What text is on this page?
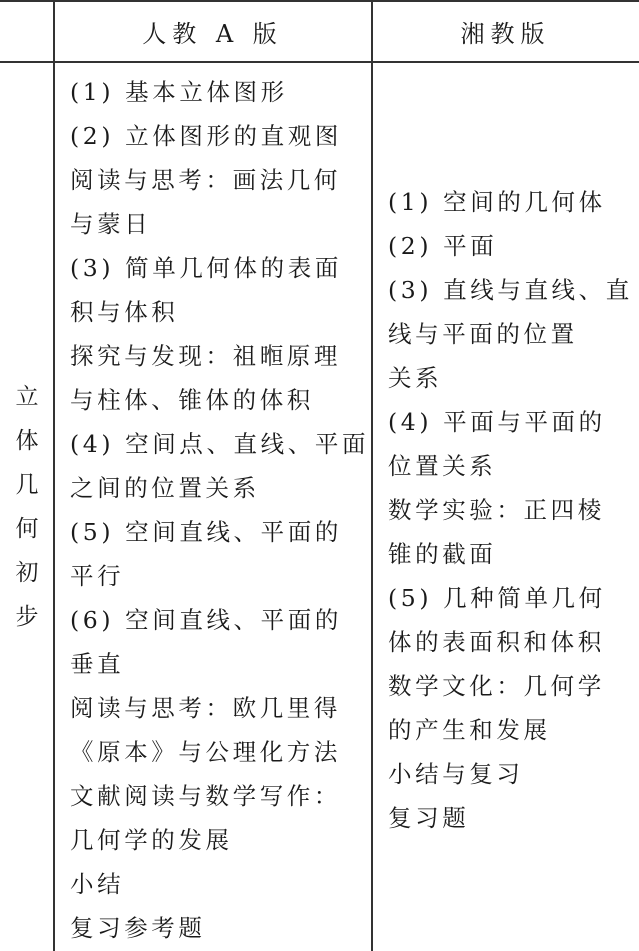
人教 A 版	湘教版
立
体
几
何
初
步
(1) 基本立体图形
(2) 立体图形的直观图
阅读与思考：画法几何
与蒙日
(3) 简单几何体的表面
积与体积
探究与发现：祖暅原理
与柱体、锥体的体积
(4) 空间点、直线、平面
之间的位置关系
(5) 空间直线、平面的
平行
(6) 空间直线、平面的
垂直
阅读与思考：欧几里得
《原本》与公理化方法
文献阅读与数学写作：
几何学的发展
小结
复习参考题
(1) 空间的几何体
(2) 平面
(3) 直线与直线、直
线与平面的位置
关系
(4) 平面与平面的
位置关系
数学实验：正四棱
锥的截面
(5) 几种简单几何
体的表面积和体积
数学文化：几何学
的产生和发展
小结与复习
复习题
